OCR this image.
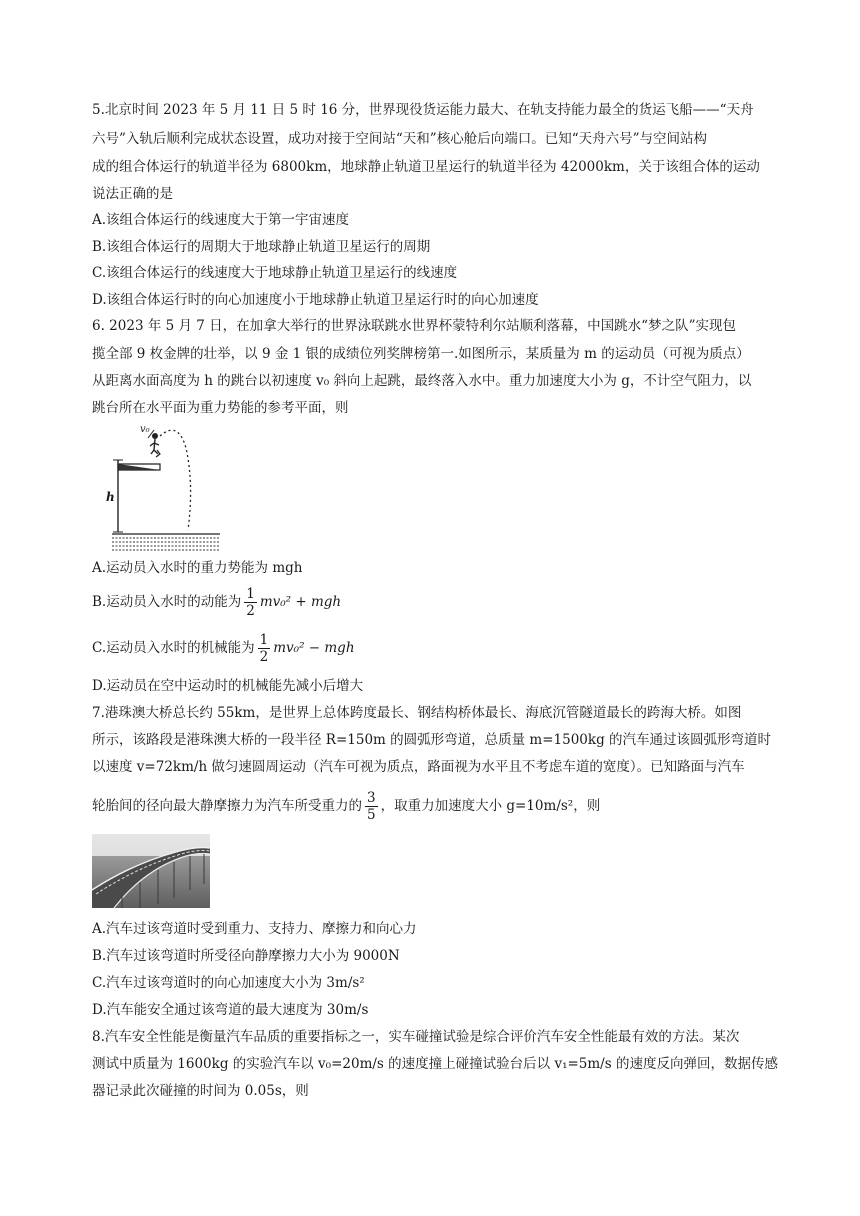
5.北京时间 2023 年 5 月 11 日 5 时 16 分，世界现役货运能力最大、在轨支持能力最全的货运飞船——“天舟
六号”入轨后顺利完成状态设置，成功对接于空间站“天和”核心舱后向端口。已知“天舟六号”与空间站构
成的组合体运行的轨道半径为 6800km，地球静止轨道卫星运行的轨道半径为 42000km，关于该组合体的运动
说法正确的是
A.该组合体运行的线速度大于第一宇宙速度
B.该组合体运行的周期大于地球静止轨道卫星运行的周期
C.该组合体运行的线速度大于地球静止轨道卫星运行的线速度
D.该组合体运行时的向心加速度小于地球静止轨道卫星运行时的向心加速度
6. 2023 年 5 月 7 日，在加拿大举行的世界泳联跳水世界杯蒙特利尔站顺利落幕，中国跳水“梦之队”实现包
揽全部 9 枚金牌的壮举，以 9 金 1 银的成绩位列奖牌榜第一.如图所示，某质量为 m 的运动员（可视为质点）
从距离水面高度为 h 的跳台以初速度 v₀ 斜向上起跳，最终落入水中。重力加速度大小为 g，不计空气阻力，以
跳台所在水平面为重力势能的参考平面，则
v₀
h
A.运动员入水时的重力势能为 mgh
B.运动员入水时的动能为 $\frac{1}{2} mv_0^2$ + mgh
C.运动员入水时的机械能为 $\frac{1}{2} mv_0^2$ − mgh
D.运动员在空中运动时的机械能先减小后增大
7.港珠澳大桥总长约 55km，是世界上总体跨度最长、钢结构桥体最长、海底沉管隧道最长的跨海大桥。如图
所示，该路段是港珠澳大桥的一段半径 R=150m 的圆弧形弯道，总质量 m=1500kg 的汽车通过该圆弧形弯道时
以速度 v=72km/h 做匀速圆周运动（汽车可视为质点，路面视为水平且不考虑车道的宽度）。已知路面与汽车
轮胎间的径向最大静摩擦力为汽车所受重力的 $\frac{3}{5}$ ，取重力加速度大小 g=10m/s²，则
A.汽车过该弯道时受到重力、支持力、摩擦力和向心力
B.汽车过该弯道时所受径向静摩擦力大小为 9000N
C.汽车过该弯道时的向心加速度大小为 3m/s²
D.汽车能安全通过该弯道的最大速度为 30m/s
8.汽车安全性能是衡量汽车品质的重要指标之一，实车碰撞试验是综合评价汽车安全性能最有效的方法。某次
测试中质量为 1600kg 的实验汽车以 v₀=20m/s 的速度撞上碰撞试验台后以 v₁=5m/s 的速度反向弹回，数据传感
器记录此次碰撞的时间为 0.05s，则
